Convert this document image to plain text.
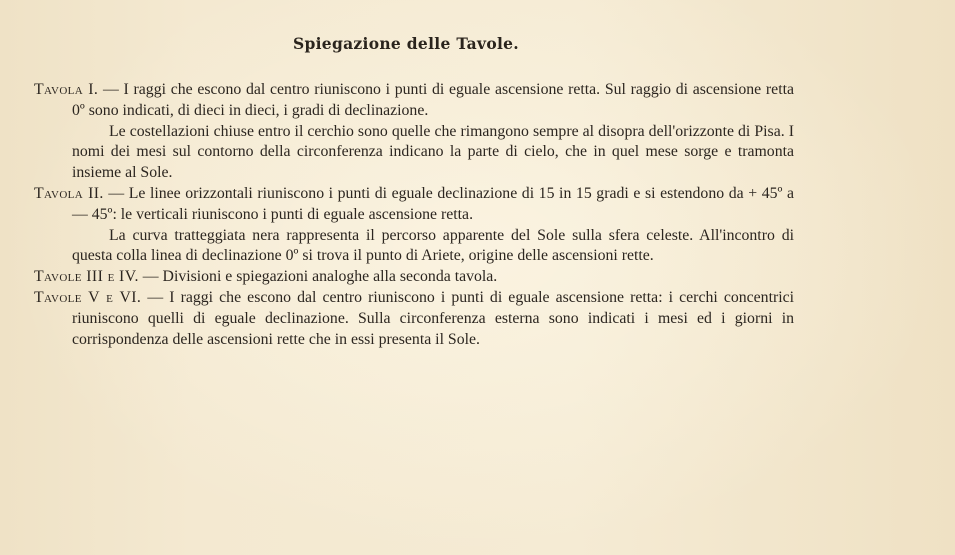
Spiegazione delle Tavole.

Tavola I. — I raggi che escono dal centro riuniscono i punti di eguale ascensione retta. Sul raggio di ascensione retta 0º sono indicati, di dieci in dieci, i gradi di declinazione.

Le costellazioni chiuse entro il cerchio sono quelle che rimangono sempre al disopra dell'orizzonte di Pisa. I nomi dei mesi sul contorno della circonferenza indicano la parte di cielo, che in quel mese sorge e tramonta insieme al Sole.

Tavola II. — Le linee orizzontali riuniscono i punti di eguale declinazione di 15 in 15 gradi e si estendono da + 45º a — 45º: le verticali riuniscono i punti di eguale ascensione retta.

La curva tratteggiata nera rappresenta il percorso apparente del Sole sulla sfera celeste. All'incontro di questa colla linea di declinazione 0º si trova il punto di Ariete, origine delle ascensioni rette.

Tavole III e IV. — Divisioni e spiegazioni analoghe alla seconda tavola.

Tavole V e VI. — I raggi che escono dal centro riuniscono i punti di eguale ascensione retta: i cerchi concentrici riuniscono quelli di eguale declinazione. Sulla circonferenza esterna sono indicati i mesi ed i giorni in corrispondenza delle ascensioni rette che in essi presenta il Sole.
